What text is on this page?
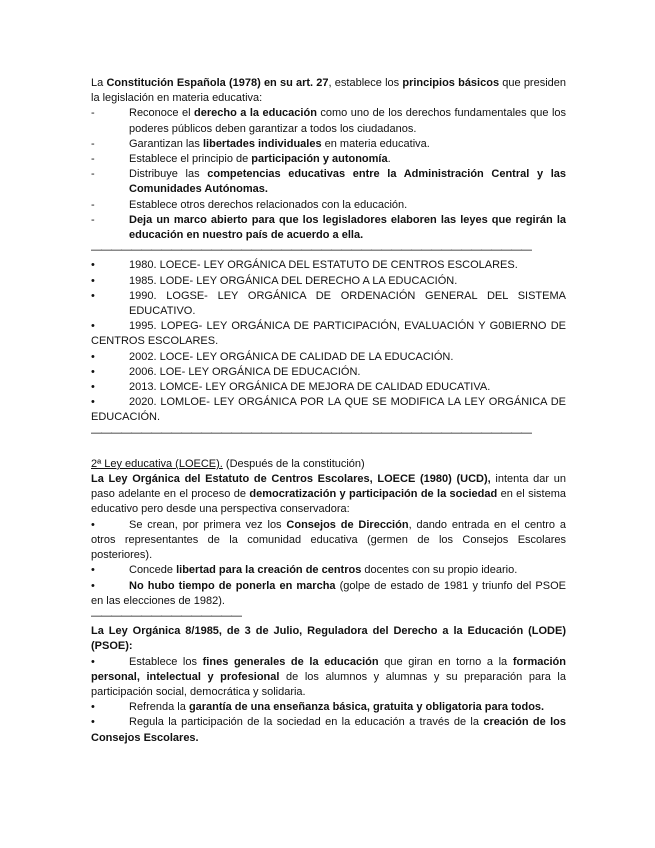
La Constitución Española (1978) en su art. 27, establece los principios básicos que presiden la legislación en materia educativa:

-	Reconoce el derecho a la educación como uno de los derechos fundamentales que los poderes públicos deben garantizar a todos los ciudadanos.
-	Garantizan las libertades individuales en materia educativa.
-	Establece el principio de participación y autonomía.
-	Distribuye las competencias educativas entre la Administración Central y las Comunidades Autónomas.
-	Establece otros derechos relacionados con la educación.
-	Deja un marco abierto para que los legisladores elaboren las leyes que regirán la educación en nuestro país de acuerdo a ella.

————————————————————————————————————————————

•	1980. LOECE- LEY ORGÁNICA DEL ESTATUTO DE CENTROS ESCOLARES.
•	1985. LODE- LEY ORGÁNICA DEL DERECHO A LA EDUCACIÓN.
•	1990. LOGSE- LEY ORGÁNICA DE ORDENACIÓN GENERAL DEL SISTEMA EDUCATIVO.

•	1995. LOPEG- LEY ORGÁNICA DE PARTICIPACIÓN, EVALUACIÓN Y G0BIERNO DE CENTROS ESCOLARES.

•	2002. LOCE- LEY ORGÁNICA DE CALIDAD DE LA EDUCACIÓN.
•	2006. LOE- LEY ORGÁNICA DE EDUCACIÓN.
•	2013. LOMCE- LEY ORGÁNICA DE MEJORA DE CALIDAD EDUCATIVA.

•	2020. LOMLOE- LEY ORGÁNICA POR LA QUE SE MODIFICA LA LEY ORGÁNICA DE EDUCACIÓN.

————————————————————————————————————————————

2ª Ley educativa (LOECE). (Después de la constitución)

La Ley Orgánica del Estatuto de Centros Escolares, LOECE (1980) (UCD), intenta dar un paso adelante en el proceso de democratización y participación de la sociedad en el sistema educativo pero desde una perspectiva conservadora:

•	Se crean, por primera vez los Consejos de Dirección, dando entrada en el centro a otros representantes de la comunidad educativa (germen de los Consejos Escolares posteriores).

•	Concede libertad para la creación de centros docentes con su propio ideario.

•	No hubo tiempo de ponerla en marcha (golpe de estado de 1981 y triunfo del PSOE en las elecciones de 1982).

———————————————

La Ley Orgánica 8/1985, de 3 de Julio, Reguladora del Derecho a la Educación (LODE) (PSOE):

•	Establece los fines generales de la educación que giran en torno a la formación personal, intelectual y profesional de los alumnos y alumnas y su preparación para la participación social, democrática y solidaria.

•	Refrenda la garantía de una enseñanza básica, gratuita y obligatoria para todos.

•	Regula la participación de la sociedad en la educación a través de la creación de los Consejos Escolares.
